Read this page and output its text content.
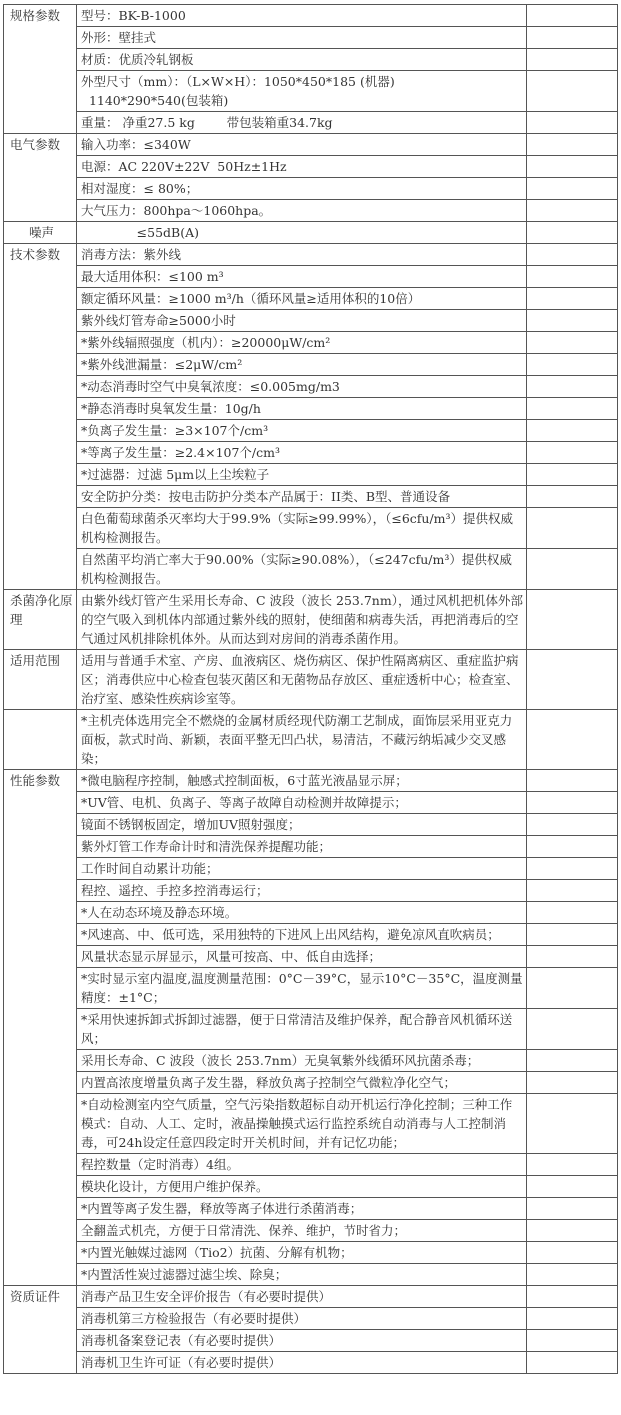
规格参数	型号：BK-B-1000	
	外形：壁挂式	
	材质：优质冷轧钢板	
	外型尺寸（mm）：（L×W×H）：1050*450*185 (机器)
1140*290*540(包装箱)	
	重量： 净重27.5 kg        带包装箱重34.7kg	
电气参数	输入功率：≤340W	
	电源：AC 220V±22V  50Hz±1Hz	
	相对湿度：≤ 80%；	
	大气压力：800hpa～1060hpa。	
噪声	≤55dB(A)	
技术参数	消毒方法：紫外线	
	最大适用体积：≤100 m³	
	额定循环风量：≥1000 m³/h（循环风量≥适用体积的10倍）	
	紫外线灯管寿命≥5000小时	
	*紫外线辐照强度（机内）：≥20000μW/cm²	
	*紫外线泄漏量：≤2μW/cm²	
	*动态消毒时空气中臭氧浓度：≤0.005mg/m3	
	*静态消毒时臭氧发生量：10g/h	
	*负离子发生量：≥3×107个/cm³	
	*等离子发生量：≥2.4×107个/cm³	
	*过滤器：过滤 5μm以上尘埃粒子	
	安全防护分类：按电击防护分类本产品属于：II类、B型、普通设备	
	白色葡萄球菌杀灭率均大于99.9%（实际≥99.99%），（≤6cfu/m³）提供权威机构检测报告。	
	自然菌平均消亡率大于90.00%（实际≥90.08%），（≤247cfu/m³）提供权威机构检测报告。	
杀菌净化原理	由紫外线灯管产生采用长寿命、C 波段（波长 253.7nm），通过风机把机体外部的空气吸入到机体内部通过紫外线的照射，使细菌和病毒失活，再把消毒后的空气通过风机排除机体外。从而达到对房间的消毒杀菌作用。	
适用范围	适用与普通手术室、产房、血液病区、烧伤病区、保护性隔离病区、重症监护病区；消毒供应中心检查包装灭菌区和无菌物品存放区、重症透析中心；检查室、治疗室、感染性疾病诊室等。	
	*主机壳体选用完全不燃烧的金属材质经现代防潮工艺制成，面饰层采用亚克力面板，款式时尚、新颖，表面平整无凹凸状，易清洁，不藏污纳垢减少交叉感染；	
性能参数	*微电脑程序控制，触感式控制面板，6寸蓝光液晶显示屏；	
	*UV管、电机、负离子、等离子故障自动检测并故障提示；	
	镜面不锈钢板固定，增加UV照射强度；	
	紫外灯管工作寿命计时和清洗保养提醒功能；	
	工作时间自动累计功能；	
	程控、遥控、手控多控消毒运行；	
	*人在动态环境及静态环境。	
	*风速高、中、低可选，采用独特的下进风上出风结构，避免凉风直吹病员；	
	风量状态显示屏显示，风量可按高、中、低自由选择；	
	*实时显示室内温度,温度测量范围：0°C－39°C，显示10°C－35°C，温度测量精度：±1°C；	
	*采用快速拆卸式拆卸过滤器，便于日常清洁及维护保养，配合静音风机循环送风；	
	采用长寿命、C 波段（波长 253.7nm）无臭氧紫外线循环风抗菌杀毒；	
	内置高浓度增量负离子发生器，释放负离子控制空气微粒净化空气；	
	*自动检测室内空气质量，空气污染指数超标自动开机运行净化控制；三种工作模式：自动、人工、定时，液晶操触摸式运行监控系统自动消毒与人工控制消毒，可24h设定任意四段定时开关机时间，并有记忆功能；	
	程控数量（定时消毒）4组。	
	模块化设计，方便用户维护保养。	
	*内置等离子发生器，释放等离子体进行杀菌消毒；	
	全翻盖式机壳，方便于日常清洗、保养、维护，节时省力；	
	*内置光触媒过滤网（Tio2）抗菌、分解有机物；	
	*内置活性炭过滤器过滤尘埃、除臭；	
资质证件	消毒产品卫生安全评价报告（有必要时提供）	
	消毒机第三方检验报告（有必要时提供）	
	消毒机备案登记表（有必要时提供）	
	消毒机卫生许可证（有必要时提供）	
